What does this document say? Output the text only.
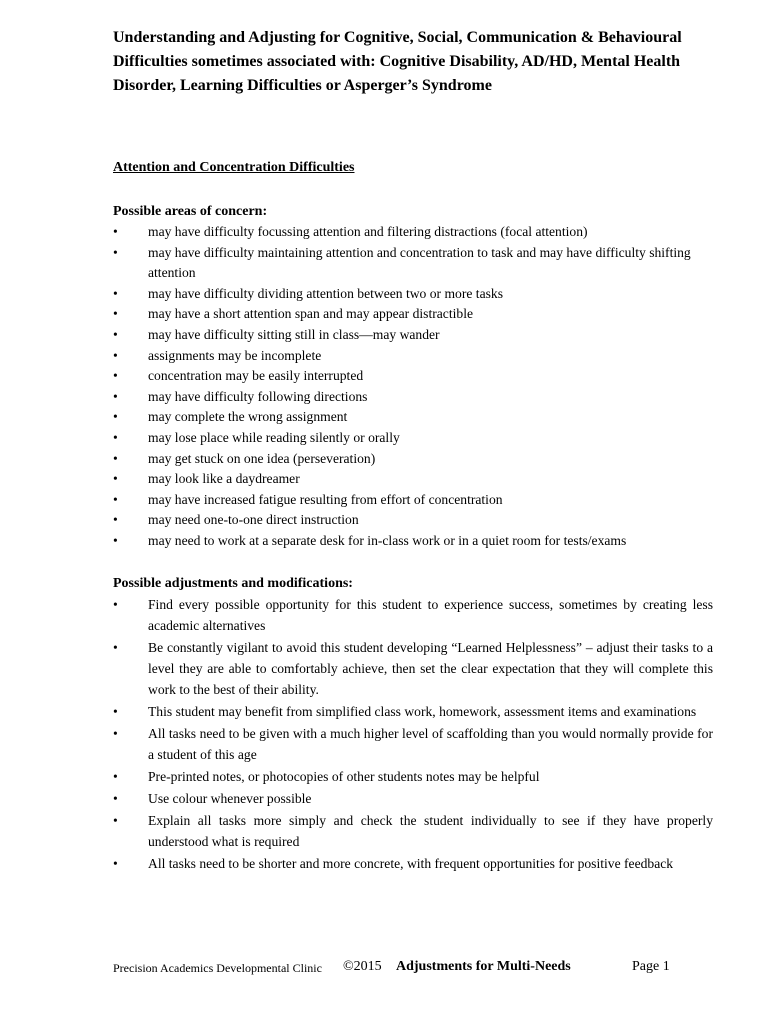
Understanding and Adjusting for Cognitive, Social, Communication & Behavioural Difficulties sometimes associated with: Cognitive Disability, AD/HD, Mental Health Disorder, Learning Difficulties or Asperger’s Syndrome
Attention and Concentration Difficulties

Possible areas of concern:

• may have difficulty focussing attention and filtering distractions (focal attention)
• may have difficulty maintaining attention and concentration to task and may have difficulty shifting attention
• may have difficulty dividing attention between two or more tasks
• may have a short attention span and may appear distractible
• may have difficulty sitting still in class—may wander
• assignments may be incomplete
• concentration may be easily interrupted
• may have difficulty following directions
• may complete the wrong assignment
• may lose place while reading silently or orally
• may get stuck on one idea (perseveration)
• may look like a daydreamer
• may have increased fatigue resulting from effort of concentration
• may need one-to-one direct instruction
• may need to work at a separate desk for in-class work or in a quiet room for tests/exams

Possible adjustments and modifications:

• Find every possible opportunity for this student to experience success, sometimes by creating less academic alternatives
• Be constantly vigilant to avoid this student developing “Learned Helplessness” – adjust their tasks to a level they are able to comfortably achieve, then set the clear expectation that they will complete this work to the best of their ability.
• This student may benefit from simplified class work, homework, assessment items and examinations
• All tasks need to be given with a much higher level of scaffolding than you would normally provide for a student of this age
• Pre-printed notes, or photocopies of other students notes may be helpful
• Use colour whenever possible
• Explain all tasks more simply and check the student individually to see if they have properly understood what is required
• All tasks need to be shorter and more concrete, with frequent opportunities for positive feedback
Precision Academics Developmental Clinic ©2015 Adjustments for Multi-Needs	Page 1
